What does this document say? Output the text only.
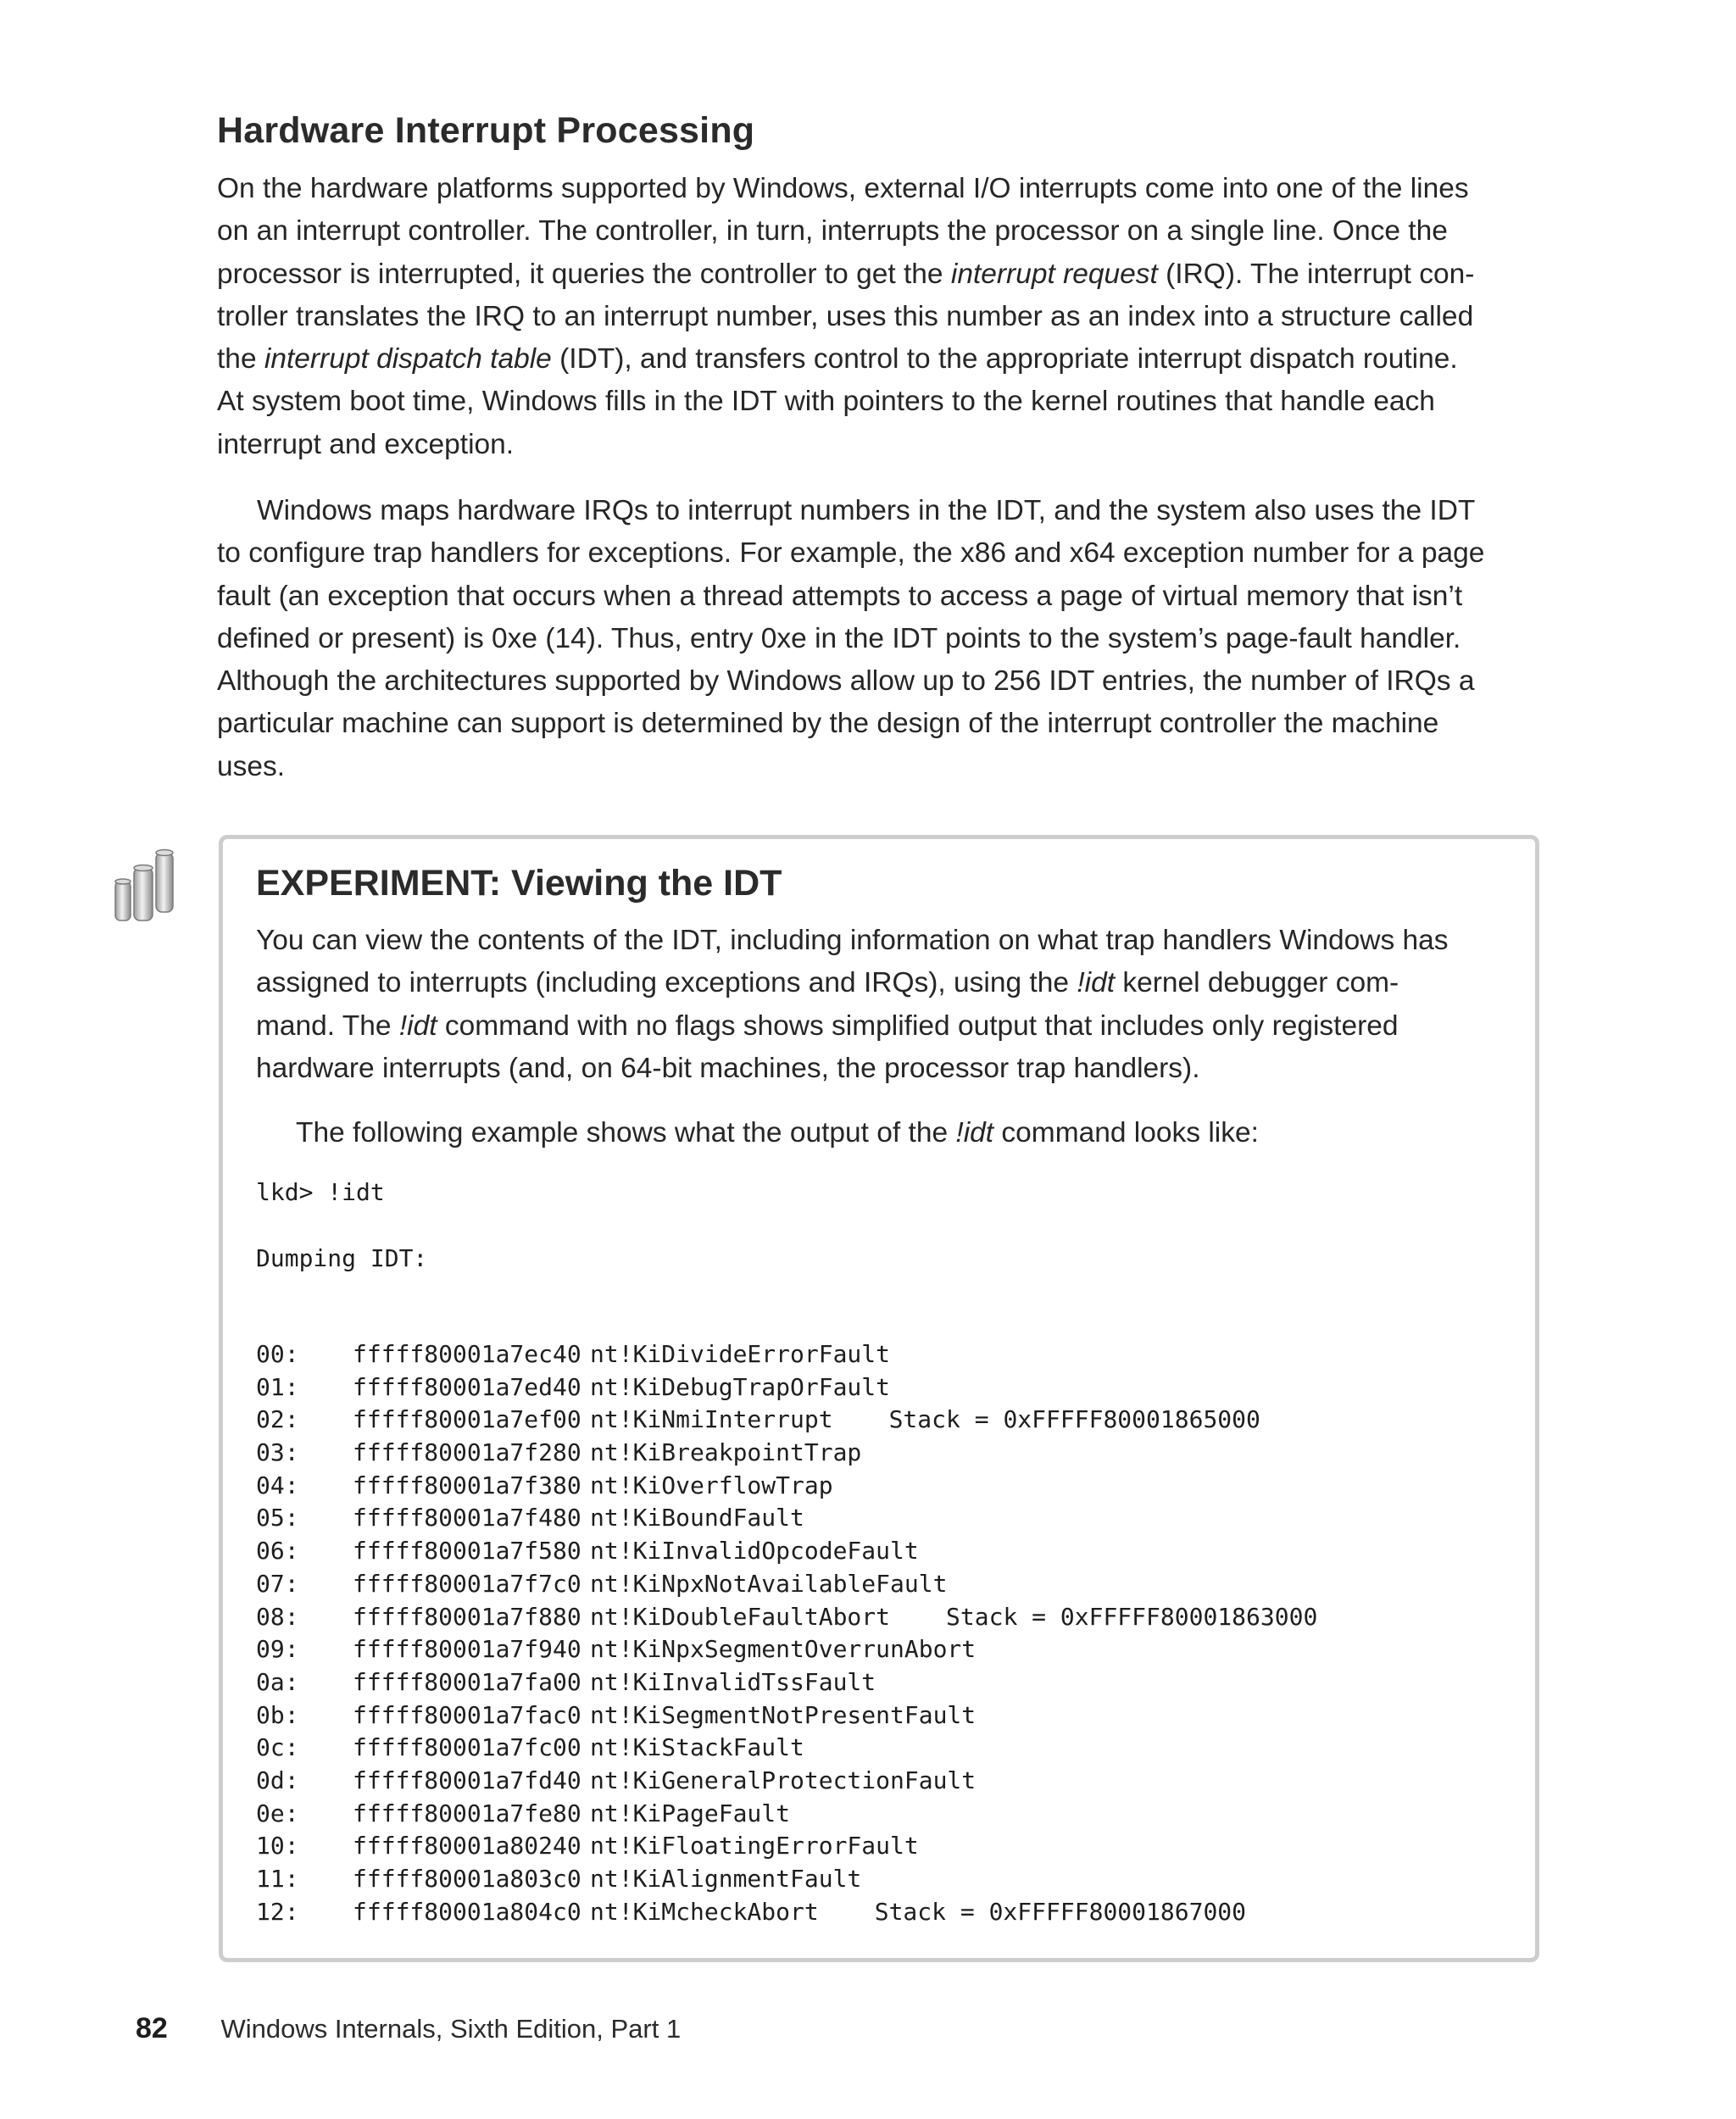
Hardware Interrupt Processing

On the hardware platforms supported by Windows, external I/O interrupts come into one of the lines
on an interrupt controller. The controller, in turn, interrupts the processor on a single line. Once the
processor is interrupted, it queries the controller to get the interrupt request (IRQ). The interrupt con-
troller translates the IRQ to an interrupt number, uses this number as an index into a structure called
the interrupt dispatch table (IDT), and transfers control to the appropriate interrupt dispatch routine.
At system boot time, Windows fills in the IDT with pointers to the kernel routines that handle each
interrupt and exception.

Windows maps hardware IRQs to interrupt numbers in the IDT, and the system also uses the IDT
to configure trap handlers for exceptions. For example, the x86 and x64 exception number for a page
fault (an exception that occurs when a thread attempts to access a page of virtual memory that isn’t
defined or present) is 0xe (14). Thus, entry 0xe in the IDT points to the system’s page-fault handler.
Although the architectures supported by Windows allow up to 256 IDT entries, the number of IRQs a
particular machine can support is determined by the design of the interrupt controller the machine
uses.

EXPERIMENT: Viewing the IDT

You can view the contents of the IDT, including information on what trap handlers Windows has
assigned to interrupts (including exceptions and IRQs), using the !idt kernel debugger com-
mand. The !idt command with no flags shows simplified output that includes only registered
hardware interrupts (and, on 64-bit machines, the processor trap handlers).

The following example shows what the output of the !idt command looks like:

lkd> !idt
Dumping IDT:
00: fffff80001a7ec40 nt!KiDivideErrorFault
01: fffff80001a7ed40 nt!KiDebugTrapOrFault
02: fffff80001a7ef00 nt!KiNmiInterrupt Stack = 0xFFFFF80001865000
03: fffff80001a7f280 nt!KiBreakpointTrap
04: fffff80001a7f380 nt!KiOverflowTrap
05: fffff80001a7f480 nt!KiBoundFault
06: fffff80001a7f580 nt!KiInvalidOpcodeFault
07: fffff80001a7f7c0 nt!KiNpxNotAvailableFault
08: fffff80001a7f880 nt!KiDoubleFaultAbort Stack = 0xFFFFF80001863000
09: fffff80001a7f940 nt!KiNpxSegmentOverrunAbort
0a: fffff80001a7fa00 nt!KiInvalidTssFault
0b: fffff80001a7fac0 nt!KiSegmentNotPresentFault
0c: fffff80001a7fc00 nt!KiStackFault
0d: fffff80001a7fd40 nt!KiGeneralProtectionFault
0e: fffff80001a7fe80 nt!KiPageFault
10: fffff80001a80240 nt!KiFloatingErrorFault
11: fffff80001a803c0 nt!KiAlignmentFault
12: fffff80001a804c0 nt!KiMcheckAbort Stack = 0xFFFFF80001867000
82 Windows Internals, Sixth Edition, Part 1
